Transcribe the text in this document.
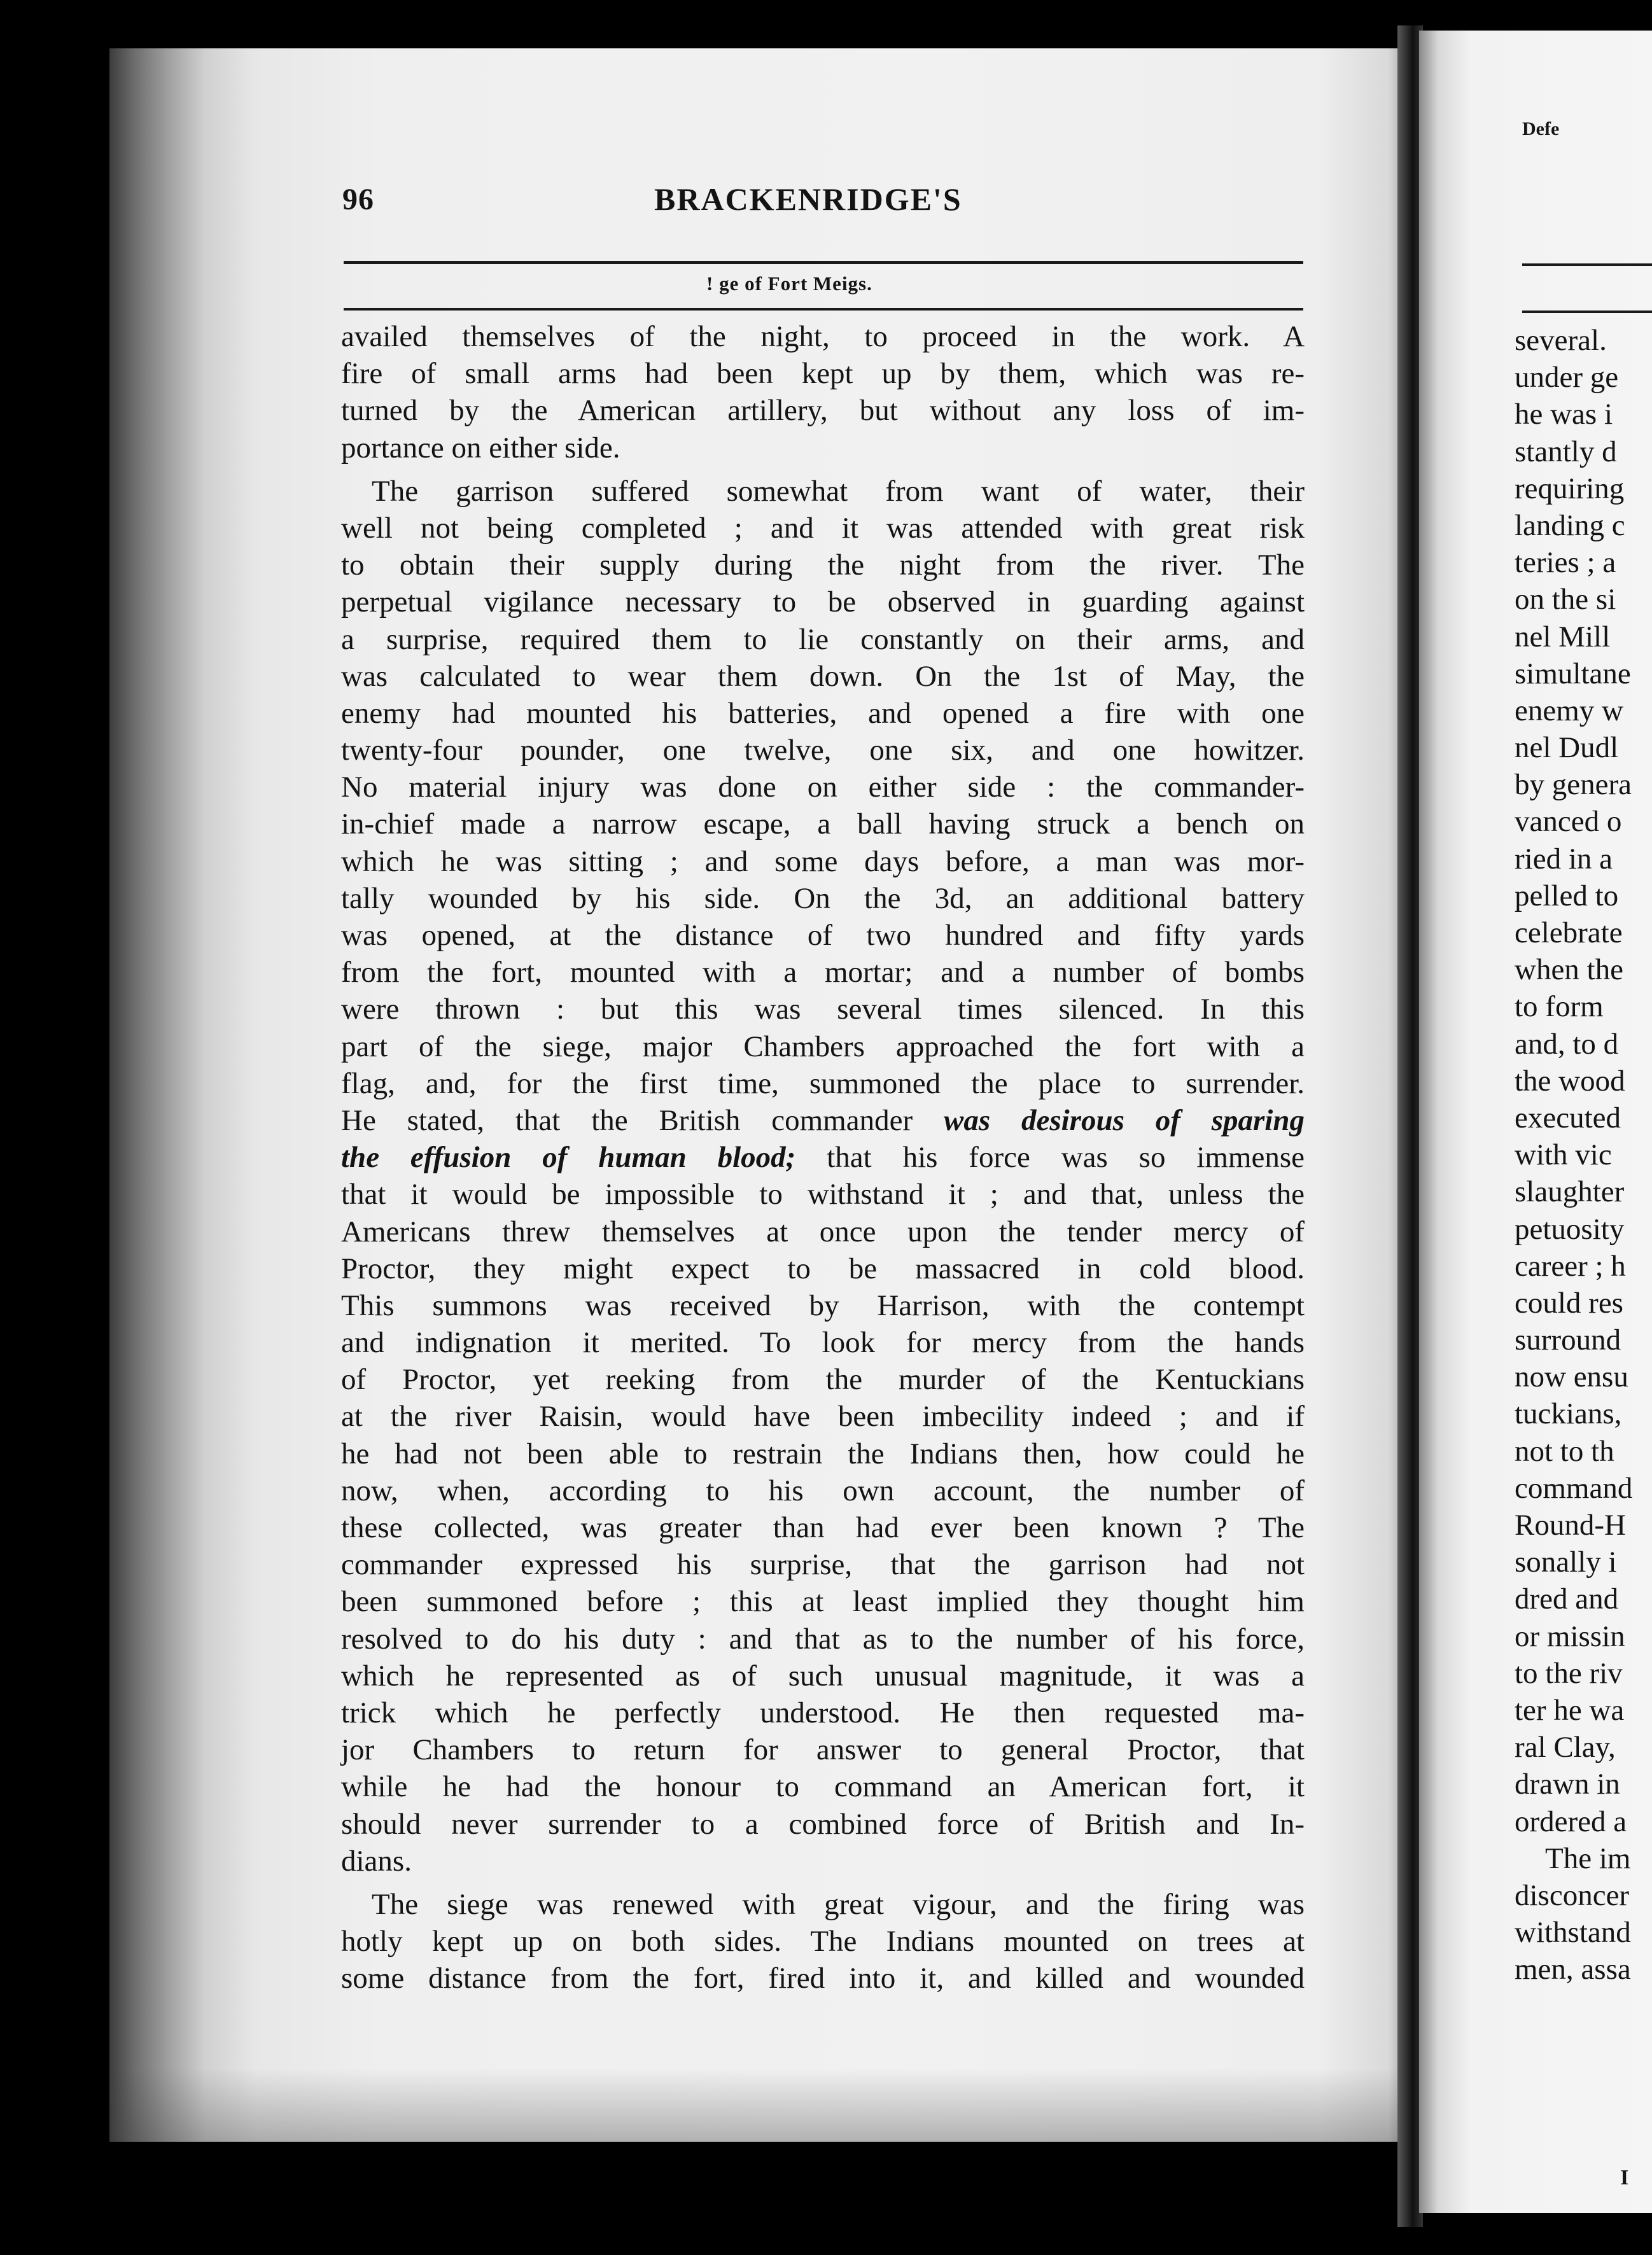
96	BRACKENRIDGE'S
! ge of Fort Meigs.
availed themselves of the night, to proceed in the work. A
fire of small arms had been kept up by them, which was re-
turned by the American artillery, but without any loss of im-
portance on either side.
The garrison suffered somewhat from want of water, their
well not being completed ; and it was attended with great risk
to obtain their supply during the night from the river. The
perpetual vigilance necessary to be observed in guarding against
a surprise, required them to lie constantly on their arms, and
was calculated to wear them down. On the 1st of May, the
enemy had mounted his batteries, and opened a fire with one
twenty-four pounder, one twelve, one six, and one howitzer.
No material injury was done on either side : the commander-
in-chief made a narrow escape, a ball having struck a bench on
which he was sitting ; and some days before, a man was mor-
tally wounded by his side. On the 3d, an additional battery
was opened, at the distance of two hundred and fifty yards
from the fort, mounted with a mortar; and a number of bombs
were thrown : but this was several times silenced. In this
part of the siege, major Chambers approached the fort with a
flag, and, for the first time, summoned the place to surrender.
He stated, that the British commander was desirous of sparing
the effusion of human blood; that his force was so immense
that it would be impossible to withstand it ; and that, unless the
Americans threw themselves at once upon the tender mercy of
Proctor, they might expect to be massacred in cold blood.
This summons was received by Harrison, with the contempt
and indignation it merited. To look for mercy from the hands
of Proctor, yet reeking from the murder of the Kentuckians
at the river Raisin, would have been imbecility indeed ; and if
he had not been able to restrain the Indians then, how could he
now, when, according to his own account, the number of
these collected, was greater than had ever been known ? The
commander expressed his surprise, that the garrison had not
been summoned before ; this at least implied they thought him
resolved to do his duty : and that as to the number of his force,
which he represented as of such unusual magnitude, it was a
trick which he perfectly understood. He then requested ma-
jor Chambers to return for answer to general Proctor, that
while he had the honour to command an American fort, it
should never surrender to a combined force of British and In-
dians.
The siege was renewed with great vigour, and the firing was
hotly kept up on both sides. The Indians mounted on trees at
some distance from the fort, fired into it, and killed and wounded
Defe
several.
under ge
he was i
stantly d
requiring
landing c
teries ; a
on the si
nel Mill
simultane
enemy w
nel Dudl
by genera
vanced o
ried in a
pelled to
celebrate
when the
to form
and, to d
the wood
executed
with vic
slaughter
petuosity
career ; h
could res
surround
now ensu
tuckians,
not to th
command
Round-H
sonally i
dred and
or missin
to the riv
ter he wa
ral Clay,
drawn in
ordered a
The im
disconcer
withstand
men, assa
I
